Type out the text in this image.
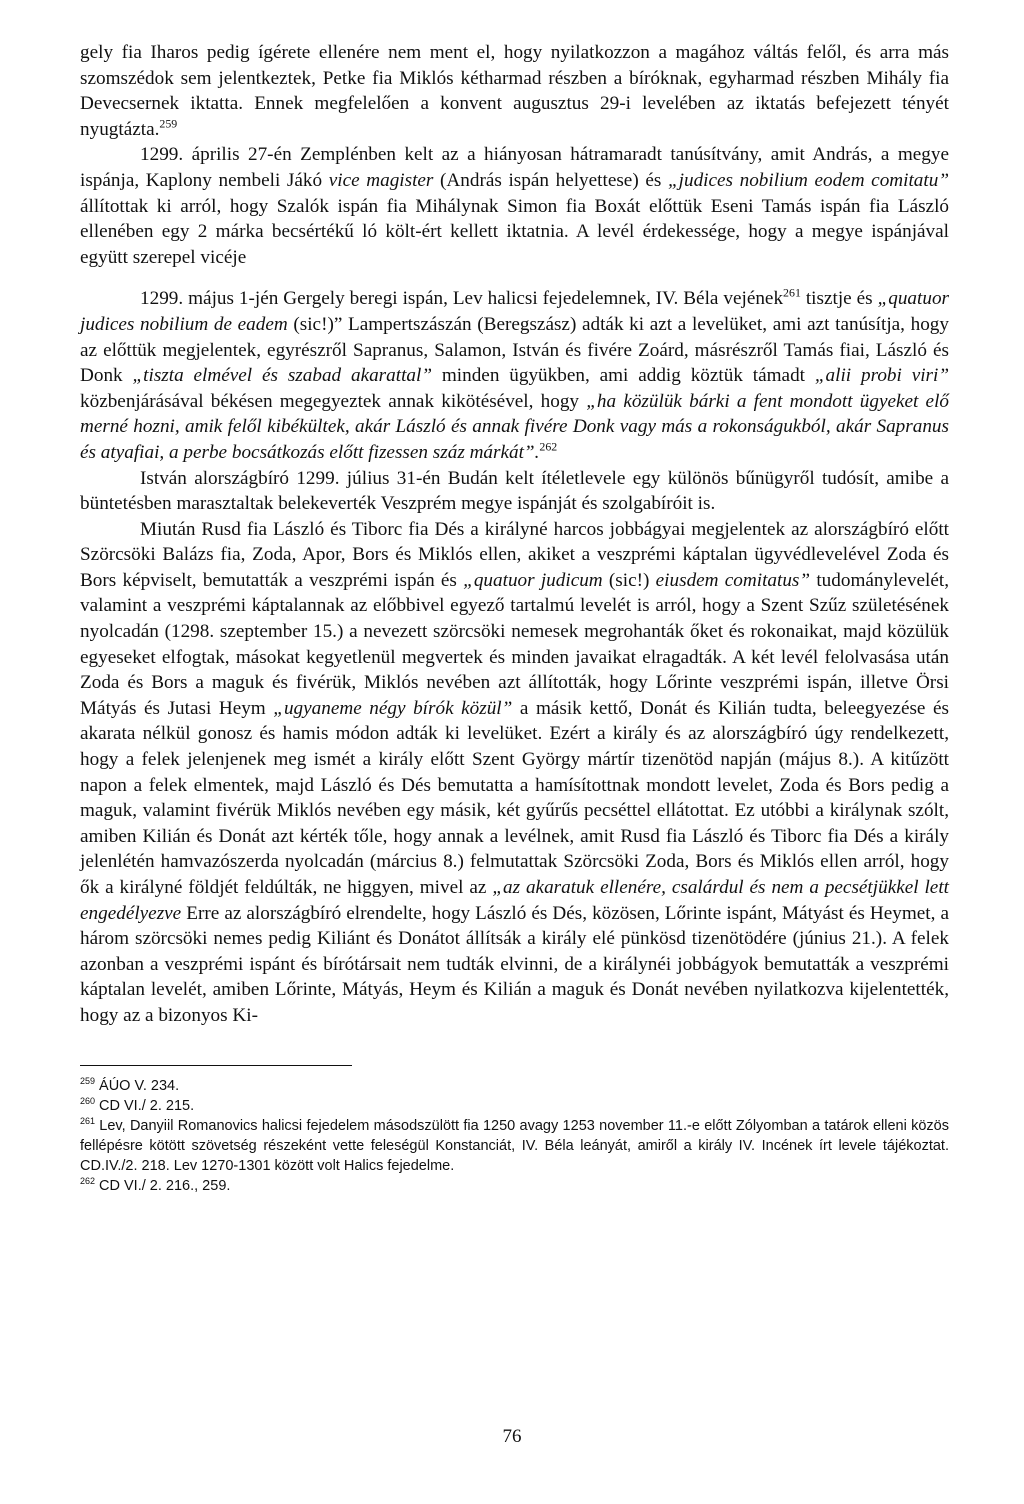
gely fia Iharos pedig ígérete ellenére nem ment el, hogy nyilatkozzon a magához váltás felől, és arra más szomszédok sem jelentkeztek, Petke fia Miklós kétharmad részben a bíróknak, egyharmad részben Mihály fia Devecsernek iktatta. Ennek megfelelően a konvent augusztus 29-i levelében az iktatás befejezett tényét nyugtázta.$^{259}$

1299. április 27-én Zemplénben kelt az a hiányosan hátramaradt tanúsítvány, amit András, a megye ispánja, Kaplony nembeli Jákó vice magister (András ispán helyettese) és „judices nobilium eodem comitatu” állítottak ki arról, hogy Szalók ispán fia Mihálynak Simon fia Boxát előttük Eseni Tamás ispán fia László ellenében egy 2 márka becsértékű ló költ-ért kellett iktatnia. A levél érdekessége, hogy a megye ispánjával együtt szerepel vicéje

1299. május 1-jén Gergely beregi ispán, Lev halicsi fejedelemnek, IV. Béla vejének$^{261}$ tisztje és „quatuor judices nobilium de eadem (sic!)” Lampertszászán (Beregszász) adták ki azt a levelüket, ami azt tanúsítja, hogy az előttük megjelentek, egyrészről Sapranus, Salamon, István és fivére Zoárd, másrészről Tamás fiai, László és Donk „tiszta elmével és szabad akarattal” minden ügyükben, ami addig köztük támadt „alii probi viri” közbenjárásával békésen megegyeztek annak kikötésével, hogy „ha közülük bárki a fent mondott ügyeket elő merné hozni, amik felől kibékültek, akár László és annak fivére Donk vagy más a rokonságukból, akár Sapranus és atyafiai, a perbe bocsátkozás előtt fizessen száz márkát”.$^{262}$

István alországbíró 1299. július 31-én Budán kelt ítéletlevele egy különös bűnügyről tudósít, amibe a büntetésben marasztaltak belekeverték Veszprém megye ispánját és szolgabíróit is.

Miután Rusd fia László és Tiborc fia Dés a királyné harcos jobbágyai megjelentek az alországbíró előtt Szörcsöki Balázs fia, Zoda, Apor, Bors és Miklós ellen, akiket a veszprémi káptalan ügyvédlevelével Zoda és Bors képviselt, bemutatták a veszprémi ispán és „quatuor judicum (sic!) eiusdem comitatus” tudománylevelét, valamint a veszprémi káptalannak az előbbivel egyező tartalmú levelét is arról, hogy a Szent Szűz születésének nyolcadán (1298. szeptember 15.) a nevezett szörcsöki nemesek megrohanták őket és rokonaikat, majd közülük egyeseket elfogtak, másokat kegyetlenül megvertek és minden javaikat elragadták. A két levél felolvasása után Zoda és Bors a maguk és fivérük, Miklós nevében azt állították, hogy Lőrinte veszprémi ispán, illetve Örsi Mátyás és Jutasi Heym „ugyaneme négy bírók közül” a másik kettő, Donát és Kilián tudta, beleegyezése és akarata nélkül gonosz és hamis módon adták ki levelüket. Ezért a király és az alországbíró úgy rendelkezett, hogy a felek jelenjenek meg ismét a király előtt Szent György mártír tizenötöd napján (május 8.). A kitűzött napon a felek elmentek, majd László és Dés bemutatta a hamísítottnak mondott levelet, Zoda és Bors pedig a maguk, valamint fivérük Miklós nevében egy másik, két gyűrűs pecséttel ellátottat. Ez utóbbi a királynak szólt, amiben Kilián és Donát azt kérték tőle, hogy annak a levélnek, amit Rusd fia László és Tiborc fia Dés a király jelenlétén hamvazószerda nyolcadán (március 8.) felmutattak Szörcsöki Zoda, Bors és Miklós ellen arról, hogy ők a királyné földjét feldúlták, ne higgyen, mivel az „az akaratuk ellenére, csalárdul és nem a pecsétjükkel lett engedélyezve Erre az alországbíró elrendelte, hogy László és Dés, közösen, Lőrinte ispánt, Mátyást és Heymet, a három szörcsöki nemes pedig Kiliánt és Donátot állítsák a király elé pünkösd tizenötödére (június 21.). A felek azonban a veszprémi ispánt és bírótársait nem tudták elvinni, de a királynéi jobbágyok bemutatták a veszprémi káptalan levelét, amiben Lőrinte, Mátyás, Heym és Kilián a maguk és Donát nevében nyilatkozva kijelentették, hogy az a bizonyos Ki-

$^{259}$ ÁÚO V. 234.

$^{260}$ CD VI./ 2. 215.

$^{261}$ Lev, Danyiil Romanovics halicsi fejedelem másodszülött fia 1250 avagy 1253 november 11.-e előtt Zólyomban a tatárok elleni közös fellépésre kötött szövetség részeként vette feleségül Konstanciát, IV. Béla leányát, amiről a király IV. Incének írt levele tájékoztat. CD.IV./2. 218. Lev 1270-1301 között volt Halics fejedelme.

$^{262}$ CD VI./ 2. 216., 259.

76
